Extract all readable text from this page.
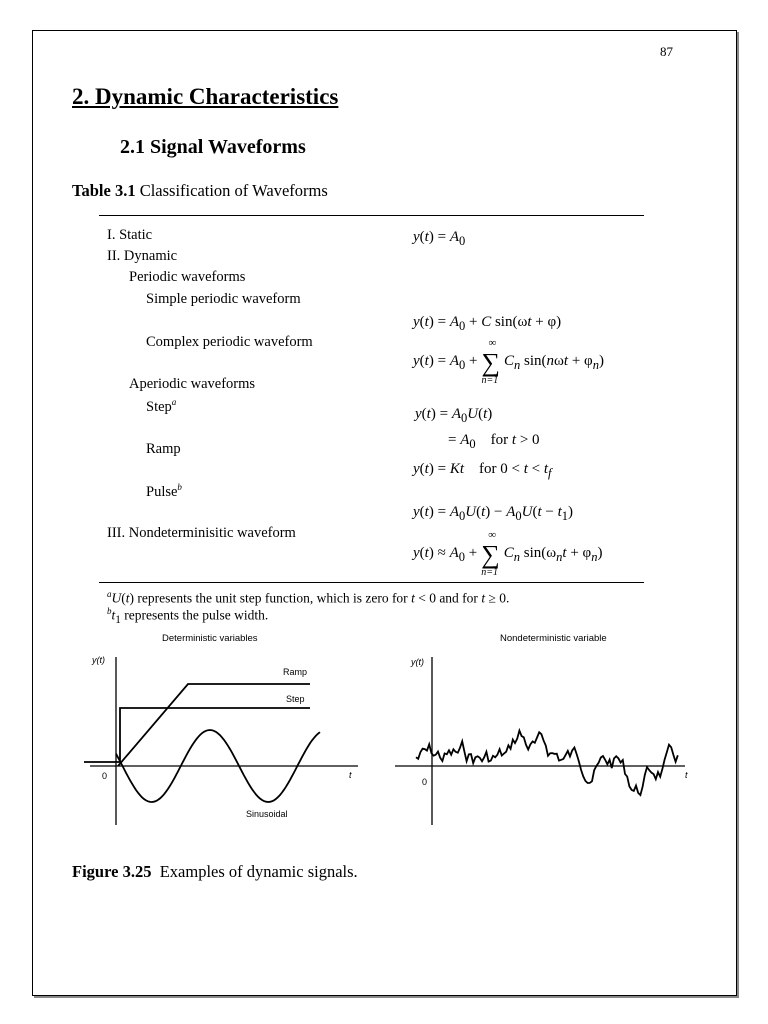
87
2. Dynamic Characteristics
2.1 Signal Waveforms
Table 3.1 Classification of Waveforms
I. Static
II. Dynamic
Periodic waveforms
Simple periodic waveform
Complex periodic waveform
Aperiodic waveforms
Step$^a$
Ramp
Pulse$^b$
III. Nondeterminisitic waveform
$y(t) = A_0$
$y(t) = A_0 + C$ sin(ωt + φ)
$y(t) = A_0$ + ∑
∞
n=1
$C_n$ $\sin(n\omega t + \varphi_n)$
$y(t) = A_0U(t)$
= $A_0$    for t > 0
y(t) = Kt    for $0 < t < t_f$
$y(t) = A_0U(t) - A_0U(t - t_1)$
$y(t) \approx A_0$ + ∑
∞
n=1
$C_n$ $\sin(\omega_nt + \varphi_n)$
$^a$U(t) represents the unit step function, which is zero for t < 0 and for t ≥ 0.
$^bt_1$ represents the pulse width.
Deterministic variables	Nondeterministic variable
y(t)
0	t
Ramp
Step
Sinusoidal
y(t)
0
t
Figure 3.25 Examples of dynamic signals.
